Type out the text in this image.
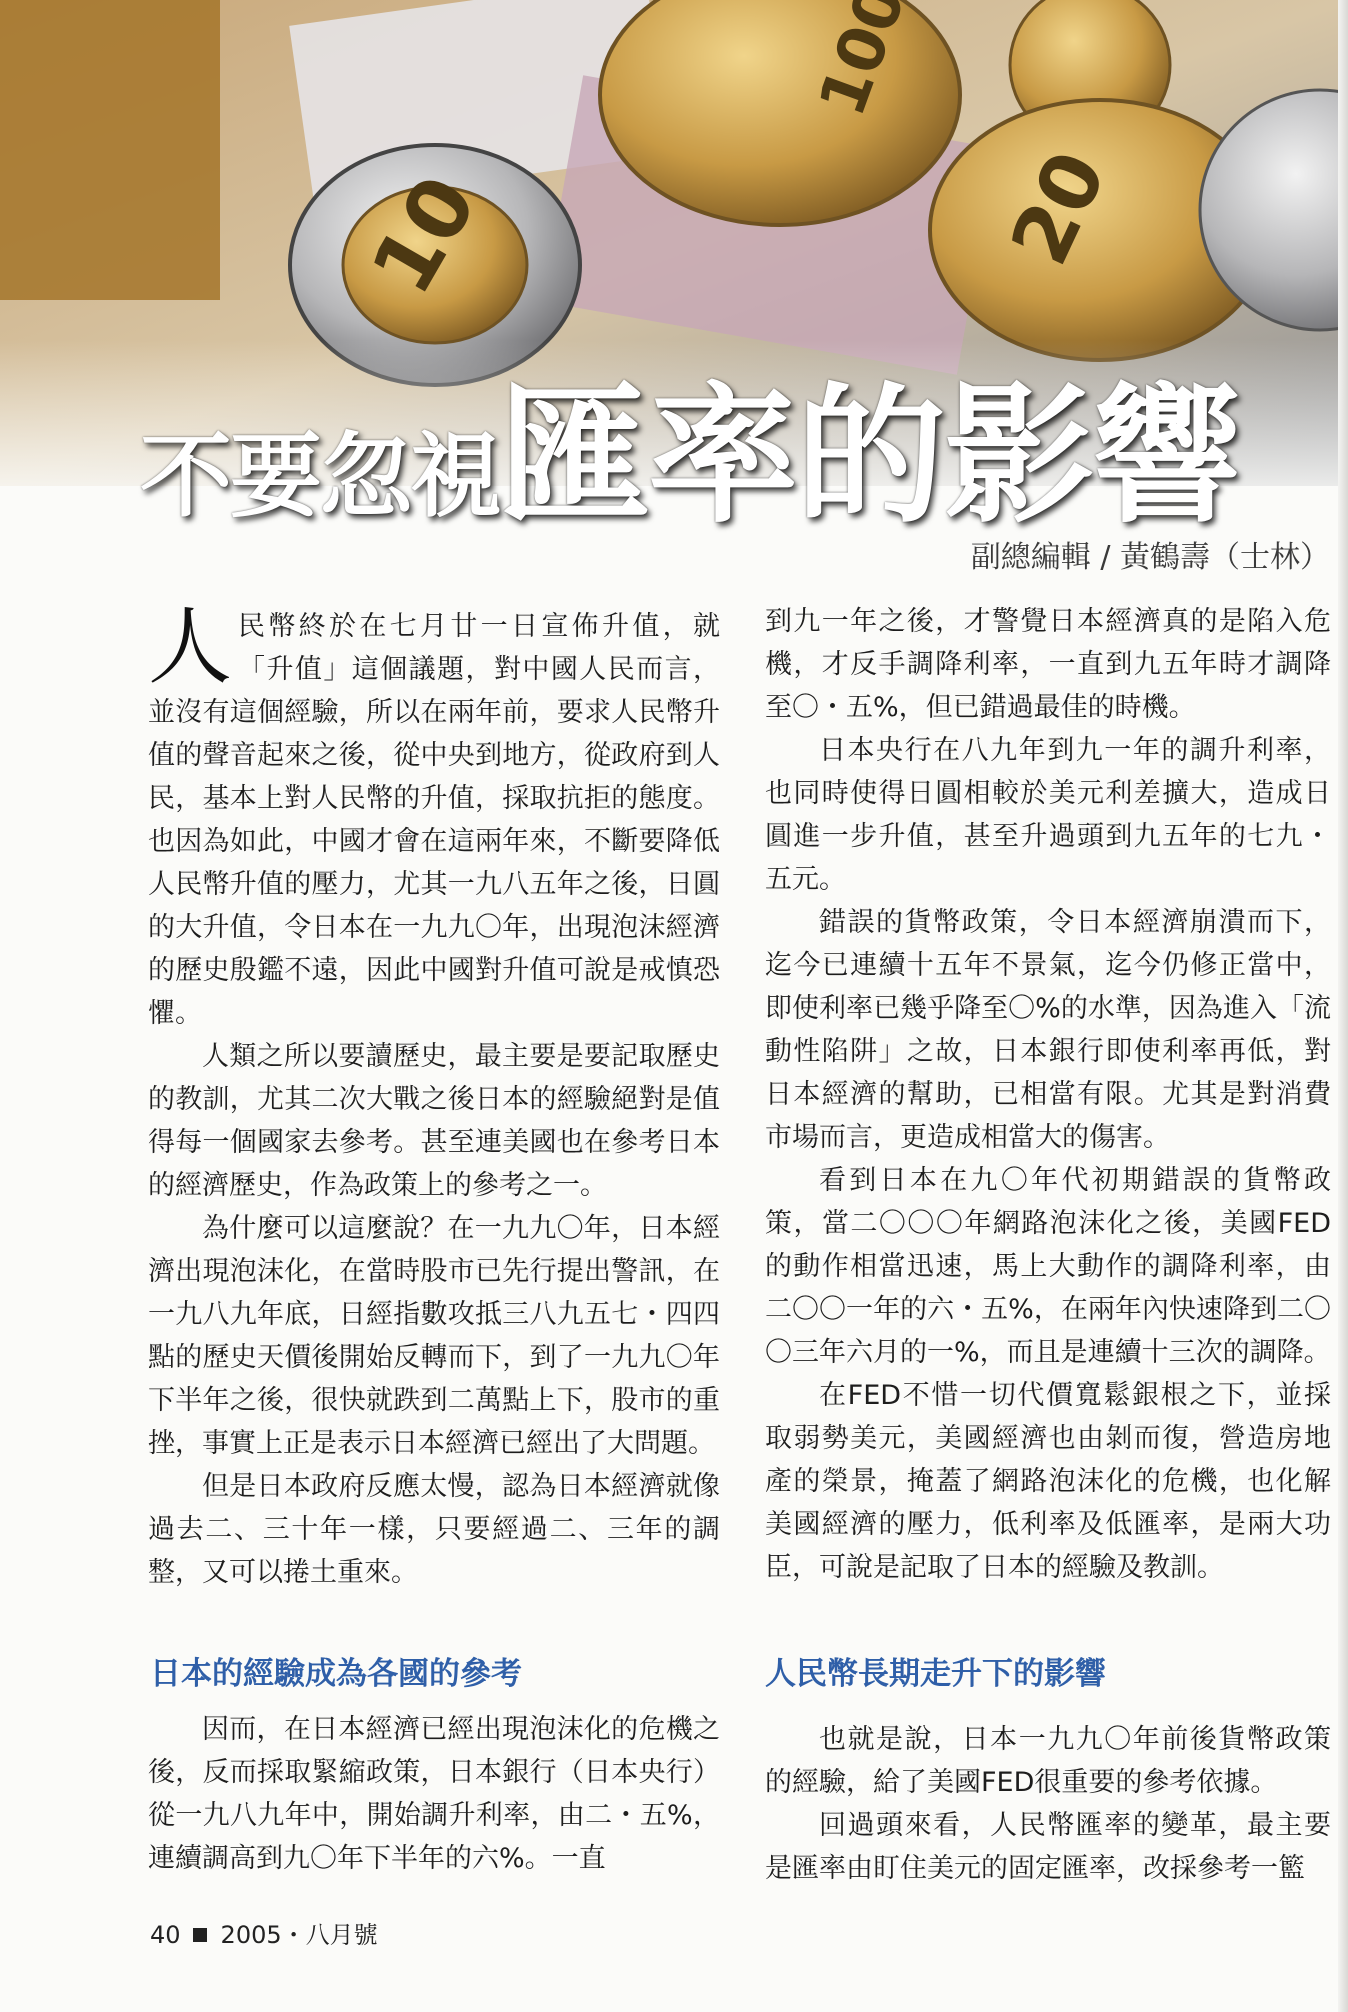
不要忽視匯率的影響
副總編輯 / 黃鶴壽（士林）

人民幣終於在七月廿一日宣佈升值，就「升值」這個議題，對中國人民而言，並沒有這個經驗，所以在兩年前，要求人民幣升值的聲音起來之後，從中央到地方，從政府到人民，基本上對人民幣的升值，採取抗拒的態度。也因為如此，中國才會在這兩年來，不斷要降低人民幣升值的壓力，尤其一九八五年之後，日圓的大升值，令日本在一九九〇年，出現泡沫經濟的歷史殷鑑不遠，因此中國對升值可說是戒慎恐懼。

人類之所以要讀歷史，最主要是要記取歷史的教訓，尤其二次大戰之後日本的經驗絕對是值得每一個國家去參考。甚至連美國也在參考日本的經濟歷史，作為政策上的參考之一。

為什麼可以這麼說？在一九九〇年，日本經濟出現泡沫化，在當時股市已先行提出警訊，在一九八九年底，日經指數攻抵三八九五七・四四點的歷史天價後開始反轉而下，到了一九九〇年下半年之後，很快就跌到二萬點上下，股市的重挫，事實上正是表示日本經濟已經出了大問題。

但是日本政府反應太慢，認為日本經濟就像過去二、三十年一樣，只要經過二、三年的調整，又可以捲土重來。

日本的經驗成為各國的參考

因而，在日本經濟已經出現泡沫化的危機之後，反而採取緊縮政策，日本銀行（日本央行）從一九八九年中，開始調升利率，由二・五%，連續調高到九〇年下半年的六%。一直

到九一年之後，才警覺日本經濟真的是陷入危機，才反手調降利率，一直到九五年時才調降至〇・五%，但已錯過最佳的時機。

日本央行在八九年到九一年的調升利率，也同時使得日圓相較於美元利差擴大，造成日圓進一步升值，甚至升過頭到九五年的七九・五元。

錯誤的貨幣政策，令日本經濟崩潰而下，迄今已連續十五年不景氣，迄今仍修正當中，即使利率已幾乎降至〇%的水準，因為進入「流動性陷阱」之故，日本銀行即使利率再低，對日本經濟的幫助，已相當有限。尤其是對消費市場而言，更造成相當大的傷害。

看到日本在九〇年代初期錯誤的貨幣政策，當二〇〇〇年網路泡沫化之後，美國FED的動作相當迅速，馬上大動作的調降利率，由二〇〇一年的六・五%，在兩年內快速降到二〇〇三年六月的一%，而且是連續十三次的調降。

在FED不惜一切代價寬鬆銀根之下，並採取弱勢美元，美國經濟也由剝而復，營造房地產的榮景，掩蓋了網路泡沫化的危機，也化解美國經濟的壓力，低利率及低匯率，是兩大功臣，可說是記取了日本的經驗及教訓。

人民幣長期走升下的影響

也就是說，日本一九九〇年前後貨幣政策的經驗，給了美國FED很重要的參考依據。

回過頭來看，人民幣匯率的變革，最主要是匯率由盯住美元的固定匯率，改採參考一籃

40 2005・八月號
